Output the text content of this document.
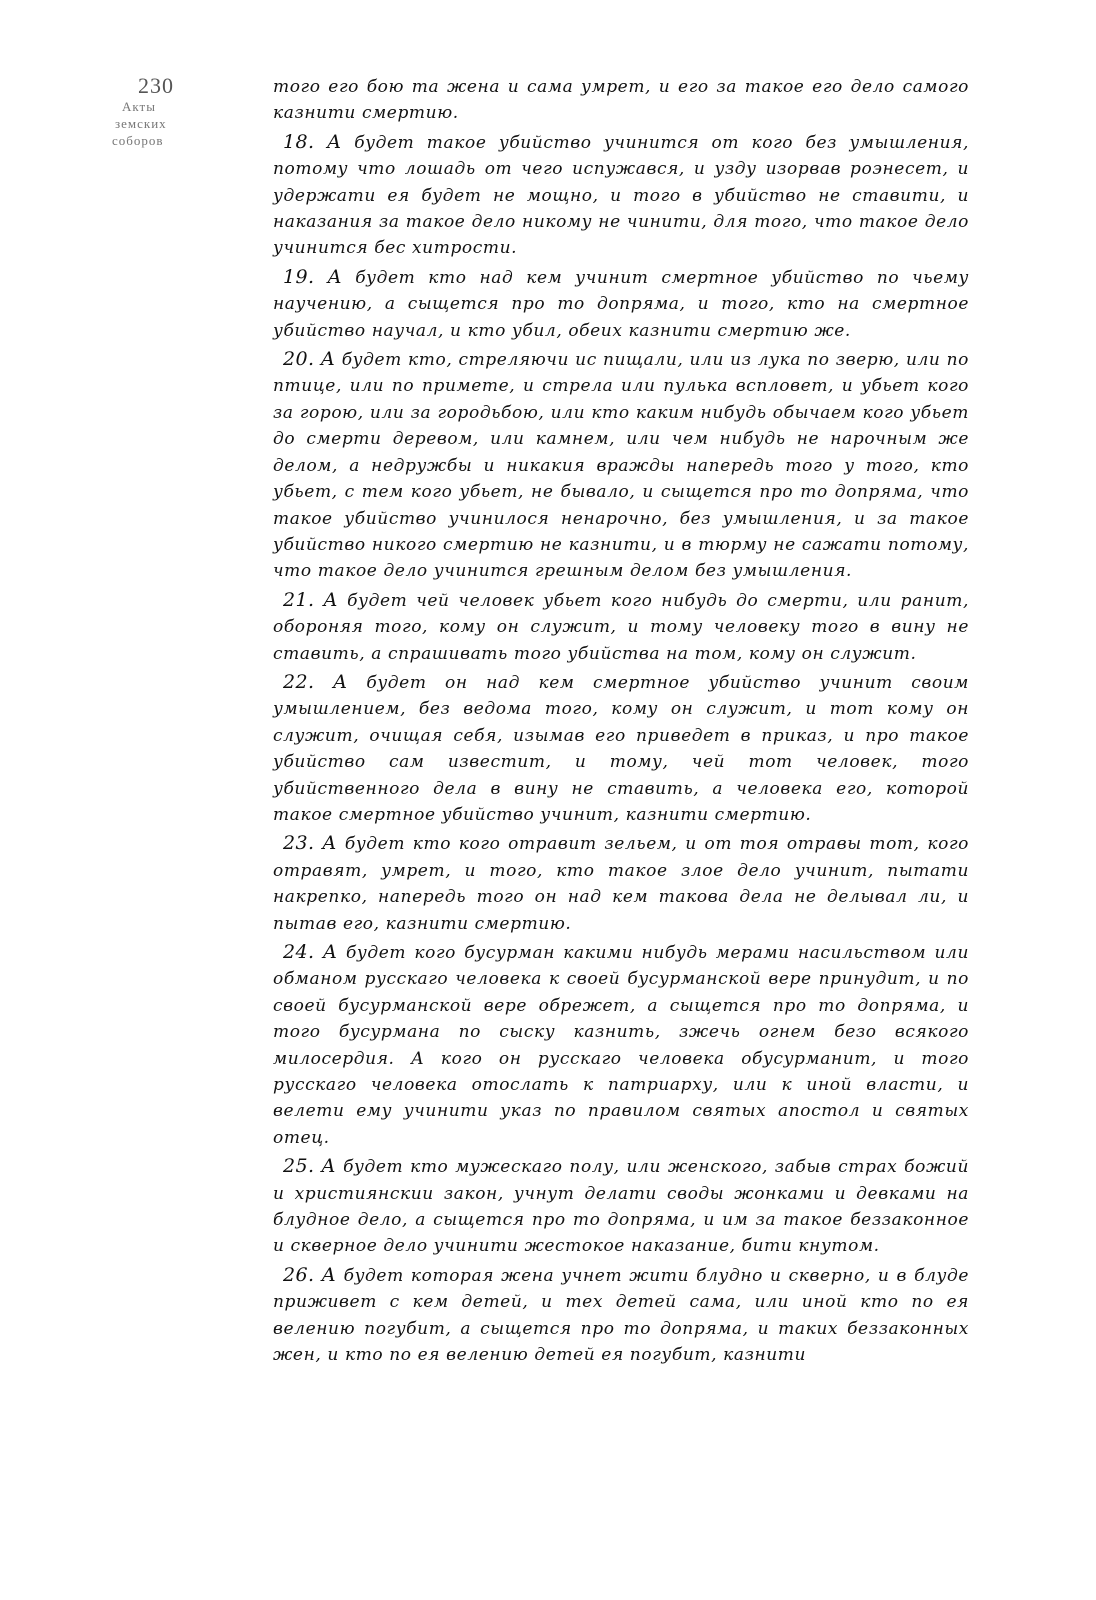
230
Акты
земских
соборов

того его бою та жена и сама умрет, и его за такое его дело самого казнити смертию.

18. А будет такое убийство учинится от кого без умышления, потому что лошадь от чего испужався, и узду изорвав роэнесет, и удержати ея будет не мощно, и того в убийство не ставити, и наказания за такое дело никому не чинити, для того, что такое дело учинится бес хитрости.

19. А будет кто над кем учинит смертное убийство по чьему научению, а сыщется про то допряма, и того, кто на смертное убийство научал, и кто убил, обеих казнити смертию же.

20. А будет кто, стреляючи ис пищали, или из лука по зверю, или по птице, или по примете, и стрела или пулька вспловет, и убьет кого за горою, или за городьбою, или кто каким нибудь обычаем кого убьет до смерти деревом, или камнем, или чем нибудь не нарочным же делом, а недружбы и никакия вражды напередь того у того, кто убьет, с тем кого убьет, не бывало, и сыщется про то допряма, что такое убийство учинилося ненарочно, без умышления, и за такое убийство никого смертию не казнити, и в тюрму не сажати потому, что такое дело учинится грешным делом без умышления.

21. А будет чей человек убьет кого нибудь до смерти, или ранит, обороняя того, кому он служит, и тому человеку того в вину не ставить, а спрашивать того убийства на том, кому он служит.

22. А будет он над кем смертное убийство учинит своим умышлением, без ведома того, кому он служит, и тот кому он служит, очищая себя, изымав его приведет в приказ, и про такое убийство сам известит, и тому, чей тот человек, того убийственного дела в вину не ставить, а человека его, которой такое смертное убийство учинит, казнити смертию.

23. А будет кто кого отравит зельем, и от тоя отравы тот, кого отравят, умрет, и того, кто такое злое дело учинит, пытати накрепко, напередь того он над кем такова дела не делывал ли, и пытав его, казнити смертию.

24. А будет кого бусурман какими нибудь мерами насильством или обманом русскаго человека к своей бусурманской вере принудит, и по своей бусурманской вере обрежет, а сыщется про то допряма, и того бусурмана по сыску казнить, зжечь огнем безо всякого милосердия. А кого он русскаго человека обусурманит, и того русскаго человека отослать к патриарху, или к иной власти, и велети ему учинити указ по правилом святых апостол и святых отец.

25. А будет кто мужескаго полу, или женского, забыв страх божий и християнскии закон, учнут делати своды жонками и девками на блудное дело, а сыщется про то допряма, и им за такое беззаконное и скверное дело учинити жестокое наказание, бити кнутом.

26. А будет которая жена учнет жити блудно и скверно, и в блуде приживет с кем детей, и тех детей сама, или иной кто по ея велению погубит, а сыщется про то допряма, и таких беззаконных жен, и кто по ея велению детей ея погубит, казнити
